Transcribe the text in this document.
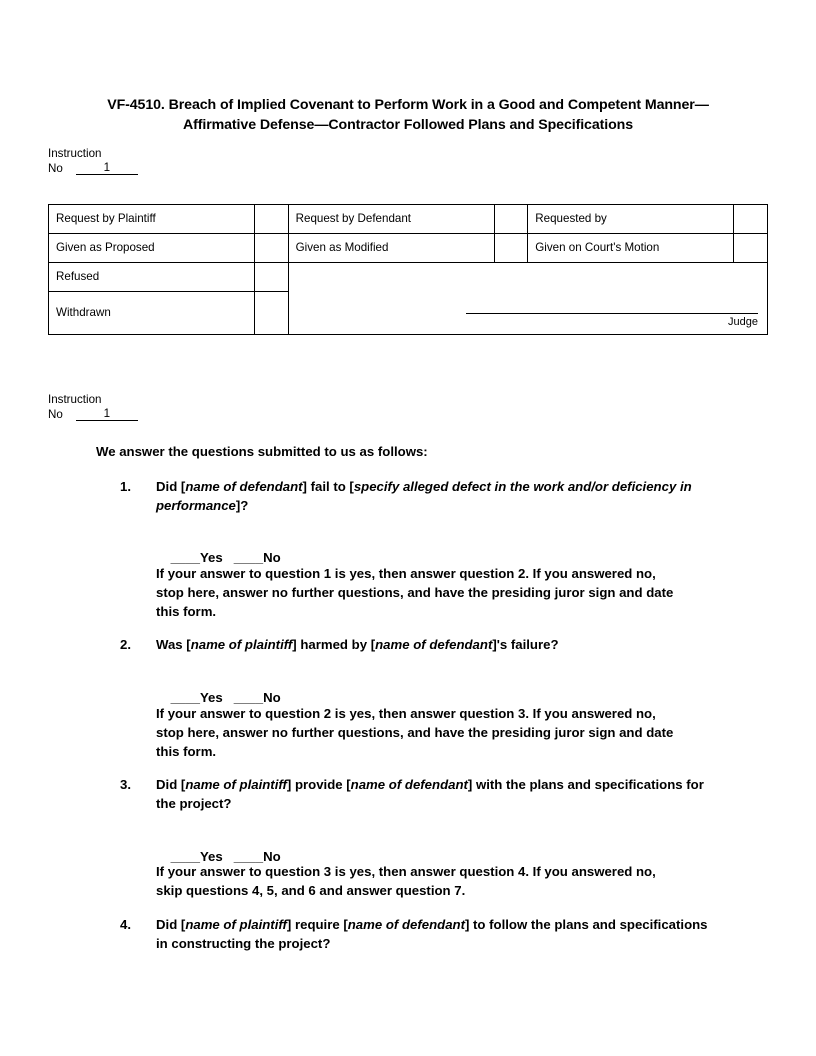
VF-4510. Breach of Implied Covenant to Perform Work in a Good and Competent Manner—Affirmative Defense—Contractor Followed Plans and Specifications
Instruction
No	1
Request by Plaintiff		Request by Defendant		Requested by	
Given as Proposed		Given as Modified		Given on Court's Motion	
Refused		Judge			

Withdrawn					
Instruction
No	1
We answer the questions submitted to us as follows:
1.	Did [name of defendant] fail to [specify alleged defect in the work and/or deficiency in performance]?

____Yes ____No

If your answer to question 1 is yes, then answer question 2. If you answered no, stop here, answer no further questions, and have the presiding juror sign and date this form.
2.	Was [name of plaintiff] harmed by [name of defendant]'s failure?

____Yes ____No

If your answer to question 2 is yes, then answer question 3. If you answered no, stop here, answer no further questions, and have the presiding juror sign and date this form.
3.	Did [name of plaintiff] provide [name of defendant] with the plans and specifications for the project?

____Yes ____No

If your answer to question 3 is yes, then answer question 4. If you answered no, skip questions 4, 5, and 6 and answer question 7.
4.	Did [name of plaintiff] require [name of defendant] to follow the plans and specifications in constructing the project?
